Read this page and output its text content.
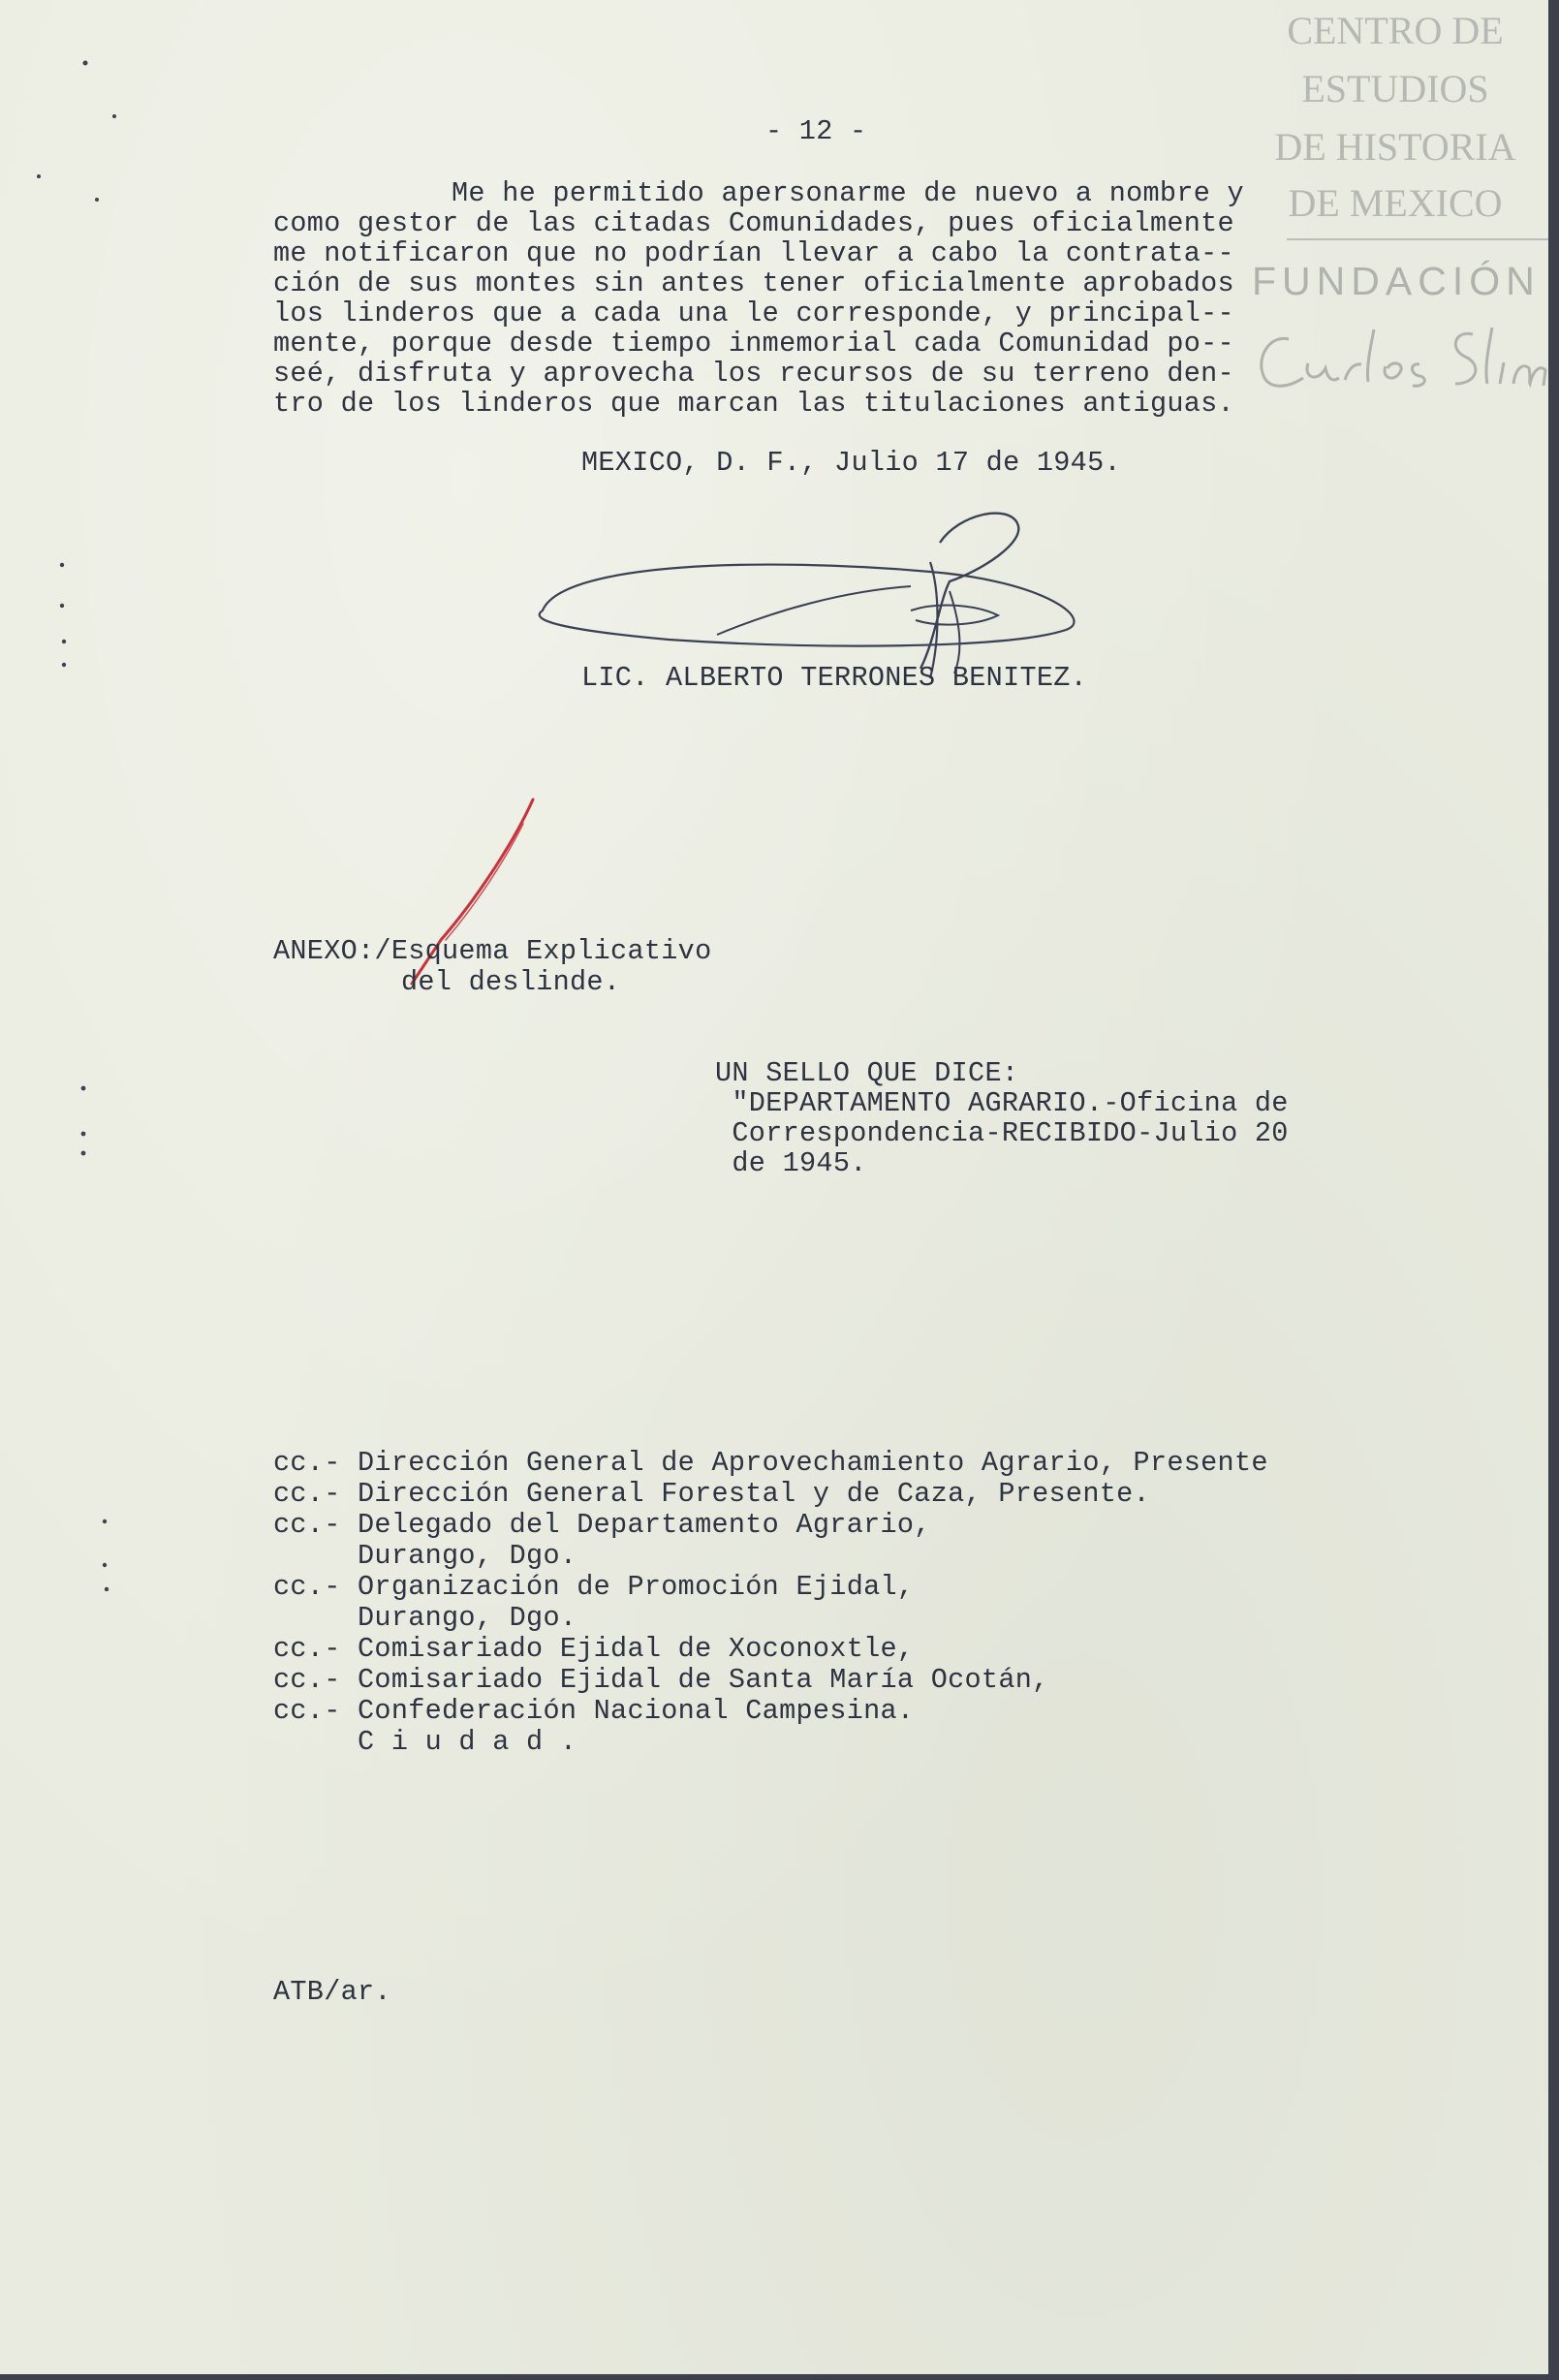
- 12 -

Me he permitido apersonarme de nuevo a nombre y

como gestor de las citadas Comunidades, pues oficialmente

me notificaron que no podrían llevar a cabo la contrata--

ción de sus montes sin antes tener oficialmente aprobados

los linderos que a cada una le corresponde, y principal--

mente, porque desde tiempo inmemorial cada Comunidad po--

seé, disfruta y aprovecha los recursos de su terreno den-

tro de los linderos que marcan las titulaciones antiguas.

MEXICO, D. F., Julio 17 de 1945.

LIC. ALBERTO TERRONES BENITEZ.

ANEXO:/Esquema Explicativo

del deslinde.

UN SELLO QUE DICE:

"DEPARTAMENTO AGRARIO.-Oficina de

Correspondencia-RECIBIDO-Julio 20

de 1945.

cc.- Dirección General de Aprovechamiento Agrario, Presente

cc.- Dirección General Forestal y de Caza, Presente.

cc.- Delegado del Departamento Agrario,

Durango, Dgo.

cc.- Organización de Promoción Ejidal,

Durango, Dgo.

cc.- Comisariado Ejidal de Xoconoxtle,

cc.- Comisariado Ejidal de Santa María Ocotán,

cc.- Confederación Nacional Campesina.

C i u d a d .

ATB/ar.

CENTRO DE
ESTUDIOS
DE HISTORIA
DE MEXICO
FUNDACIÓN
